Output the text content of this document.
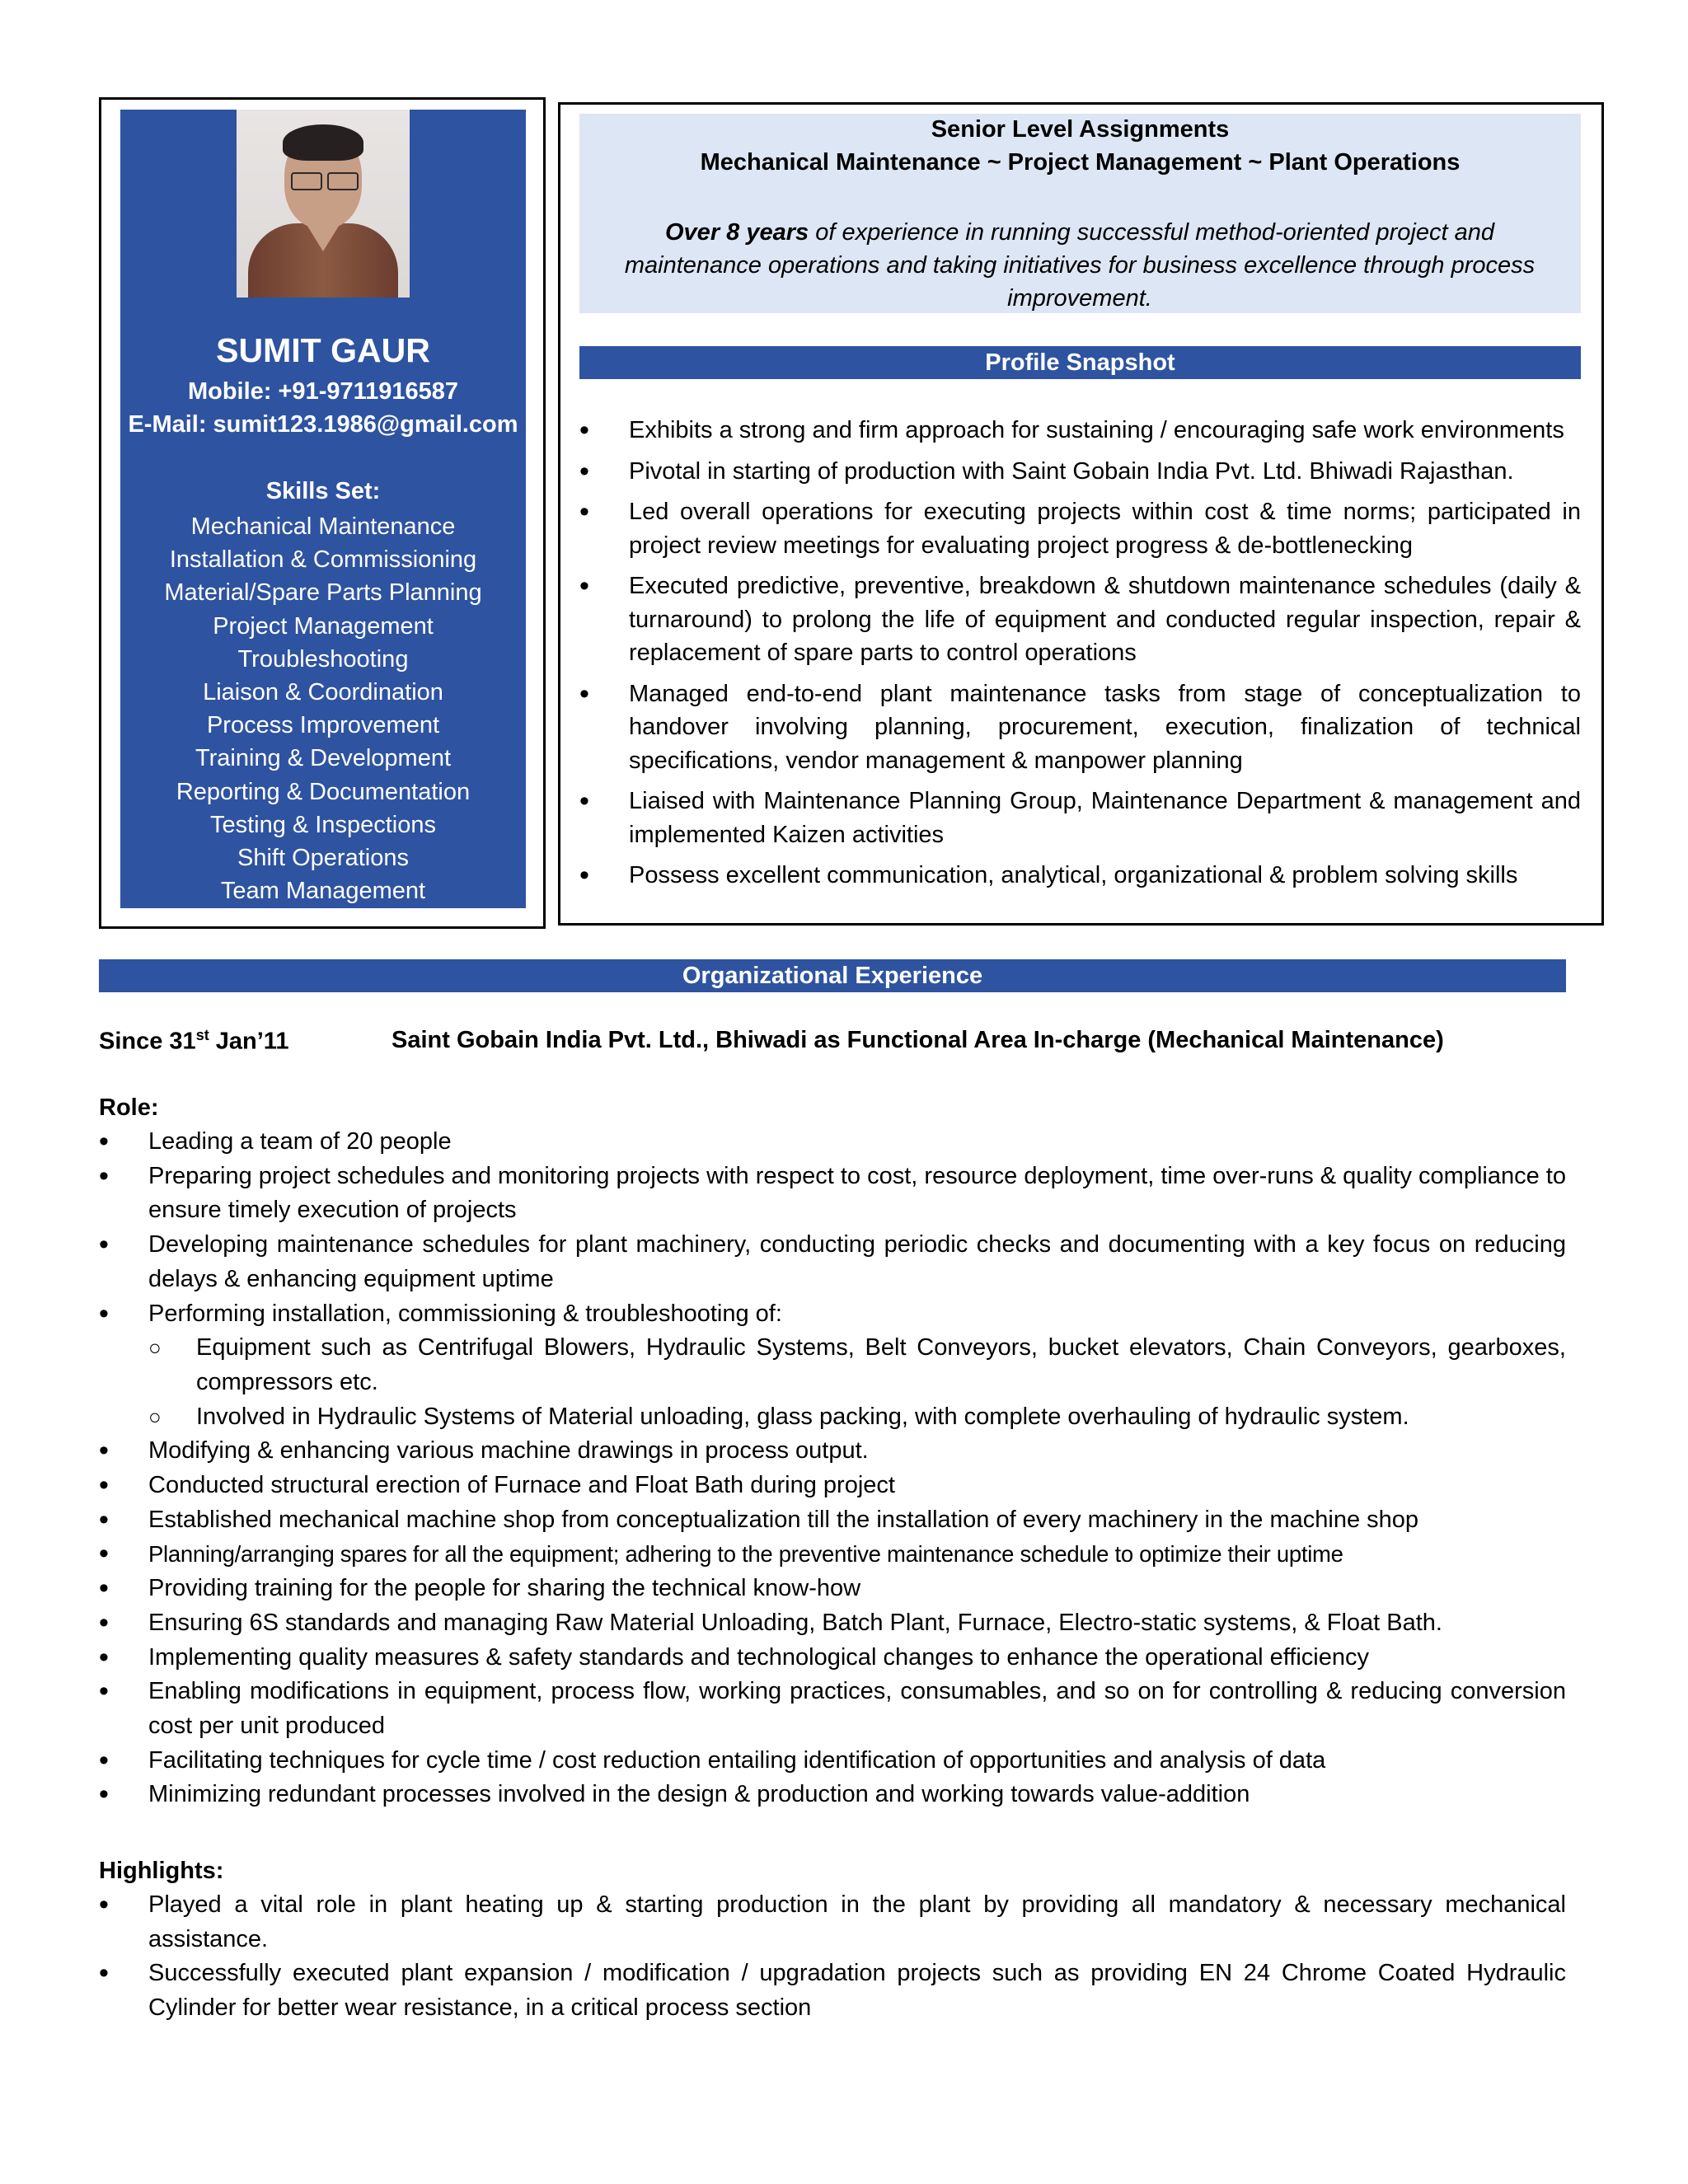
SUMIT GAUR
Mobile: +91-9711916587
E-Mail: sumit123.1986@gmail.com
Skills Set:
Mechanical Maintenance
Installation & Commissioning
Material/Spare Parts Planning
Project Management
Troubleshooting
Liaison & Coordination
Process Improvement
Training & Development
Reporting & Documentation
Testing & Inspections
Shift Operations
Team Management
Senior Level Assignments
Mechanical Maintenance ~ Project Management ~ Plant Operations
Over 8 years of experience in running successful method-oriented project and maintenance operations and taking initiatives for business excellence through process improvement.
Profile Snapshot
• Exhibits a strong and firm approach for sustaining / encouraging safe work environments
• Pivotal in starting of production with Saint Gobain India Pvt. Ltd. Bhiwadi Rajasthan.
• Led overall operations for executing projects within cost & time norms; participated in project review meetings for evaluating project progress & de-bottlenecking
• Executed predictive, preventive, breakdown & shutdown maintenance schedules (daily & turnaround) to prolong the life of equipment and conducted regular inspection, repair & replacement of spare parts to control operations
• Managed end-to-end plant maintenance tasks from stage of conceptualization to handover involving planning, procurement, execution, finalization of technical specifications, vendor management & manpower planning
• Liaised with Maintenance Planning Group, Maintenance Department & management and implemented Kaizen activities
• Possess excellent communication, analytical, organizational & problem solving skills
Organizational Experience
Since 31st Jan’11	Saint Gobain India Pvt. Ltd., Bhiwadi as Functional Area In-charge (Mechanical Maintenance)
Role:
• Leading a team of 20 people
• Preparing project schedules and monitoring projects with respect to cost, resource deployment, time over-runs & quality compliance to ensure timely execution of projects
• Developing maintenance schedules for plant machinery, conducting periodic checks and documenting with a key focus on reducing delays & enhancing equipment uptime
• Performing installation, commissioning & troubleshooting of:
○ Equipment such as Centrifugal Blowers, Hydraulic Systems, Belt Conveyors, bucket elevators, Chain Conveyors, gearboxes, compressors etc.
○ Involved in Hydraulic Systems of Material unloading, glass packing, with complete overhauling of hydraulic system.
• Modifying & enhancing various machine drawings in process output.
• Conducted structural erection of Furnace and Float Bath during project
• Established mechanical machine shop from conceptualization till the installation of every machinery in the machine shop
• Planning/arranging spares for all the equipment; adhering to the preventive maintenance schedule to optimize their uptime
• Providing training for the people for sharing the technical know-how
• Ensuring 6S standards and managing Raw Material Unloading, Batch Plant, Furnace, Electro-static systems, & Float Bath.
• Implementing quality measures & safety standards and technological changes to enhance the operational efficiency
• Enabling modifications in equipment, process flow, working practices, consumables, and so on for controlling & reducing conversion cost per unit produced
• Facilitating techniques for cycle time / cost reduction entailing identification of opportunities and analysis of data
• Minimizing redundant processes involved in the design & production and working towards value-addition
Highlights:
• Played a vital role in plant heating up & starting production in the plant by providing all mandatory & necessary mechanical assistance.
• Successfully executed plant expansion / modification / upgradation projects such as providing EN 24 Chrome Coated Hydraulic Cylinder for better wear resistance, in a critical process section
